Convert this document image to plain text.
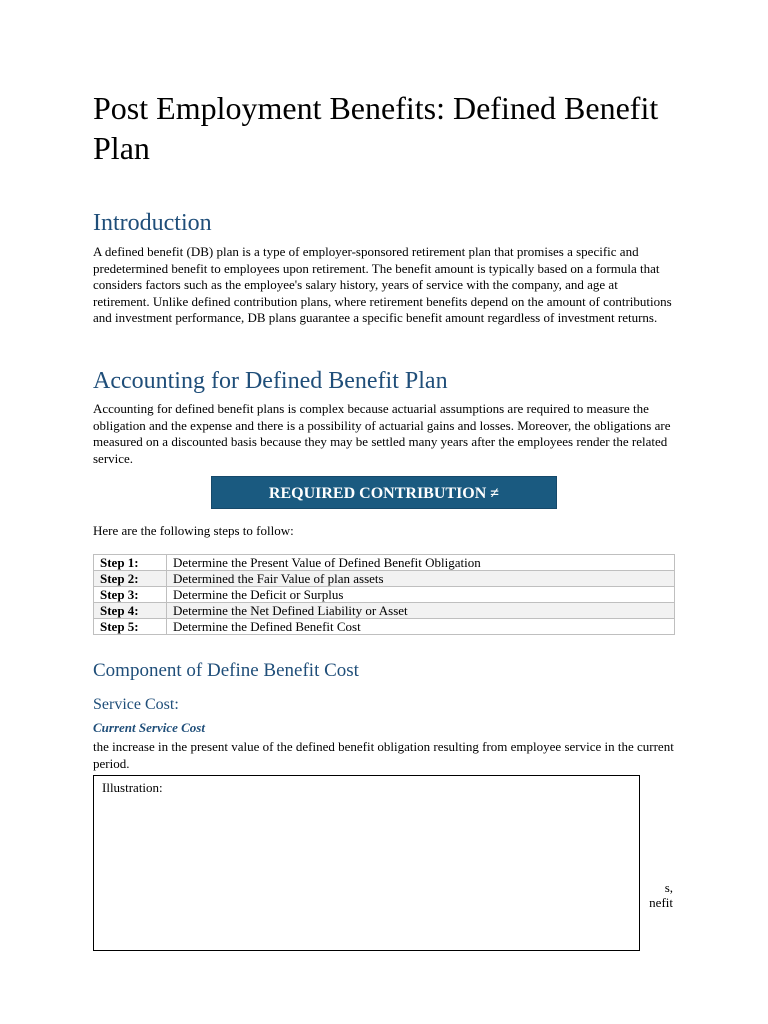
Post Employment Benefits: Defined Benefit Plan
Introduction

A defined benefit (DB) plan is a type of employer-sponsored retirement plan that promises a specific and predetermined benefit to employees upon retirement. The benefit amount is typically based on a formula that considers factors such as the employee's salary history, years of service with the company, and age at retirement. Unlike defined contribution plans, where retirement benefits depend on the amount of contributions and investment performance, DB plans guarantee a specific benefit amount regardless of investment returns.

Accounting for Defined Benefit Plan

Accounting for defined benefit plans is complex because actuarial assumptions are required to measure the obligation and the expense and there is a possibility of actuarial gains and losses. Moreover, the obligations are measured on a discounted basis because they may be settled many years after the employees render the related service.

REQUIRED CONTRIBUTION ≠

Here are the following steps to follow:

Step 1:	Determine the Present Value of Defined Benefit Obligation
Step 2:	Determined the Fair Value of plan assets
Step 3:	Determine the Deficit or Surplus
Step 4:	Determine the Net Defined Liability or Asset
Step 5:	Determine the Defined Benefit Cost
Component of Define Benefit Cost
Service Cost:
Current Service Cost

the increase in the present value of the defined benefit obligation resulting from employee service in the current period.

s,
nefit
Illustration:
